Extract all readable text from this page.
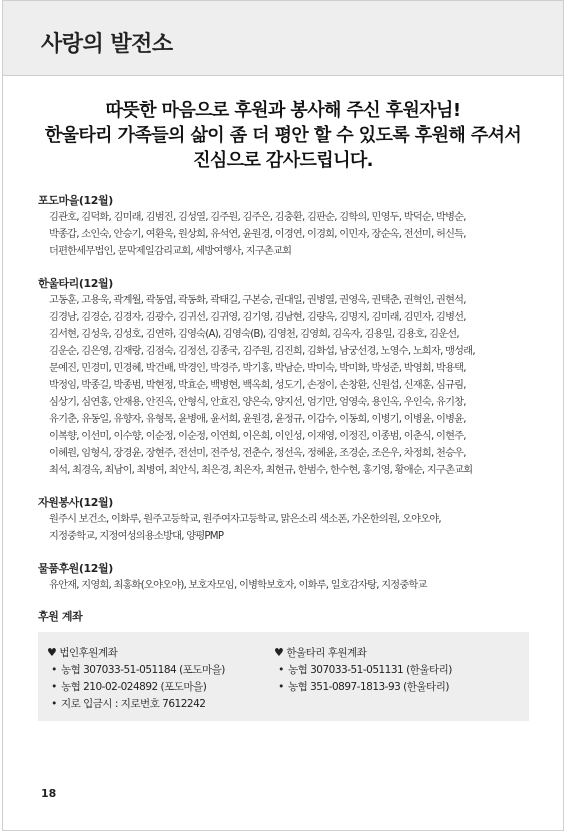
사랑의 발전소
따뜻한 마음으로 후원과 봉사해 주신 후원자님!
한울타리 가족들의 삶이 좀 더 평안 할 수 있도록 후원해 주셔서
진심으로 감사드립니다.
18
포도마을(12월)
김관호, 김덕화, 김미래, 김범진, 김성열, 김주원, 김주은, 김충환, 김판순, 김학의, 민영두, 박덕순, 박병순,
박종갑, 소인숙, 안승기, 여환욱, 원상희, 유석연, 윤원경, 이경연, 이경희, 이민자, 장순옥, 전선미, 허신득,
더편한세무법인, 문막제일감리교회, 세방여행사, 지구촌교회
한울타리(12월)
고동훈, 고용욱, 곽계월, 곽동엽, 곽동화, 곽태길, 구본승, 권대일, 권병열, 권영옥, 권택춘, 권혁인, 권현석,
김경남, 김경순, 김경자, 김광수, 김귀선, 김귀영, 김기영, 김남현, 김량옥, 김명지, 김미래, 김민자, 김병선,
김서현, 김성욱, 김성호, 김연하, 김영숙(A), 김영숙(B), 김영천, 김영희, 김옥자, 김용일, 김용호, 김운선,
김운순, 김은영, 김재랑, 김점숙, 김정선, 김종국, 김주원, 김진희, 김화섭, 남궁선경, 노영수, 노희자, 맹성래,
문예진, 민경미, 민경혜, 박건배, 박경인, 박경주, 박기홍, 박남순, 박미숙, 박미화, 박성준, 박영희, 박용택,
박정임, 박종길, 박종범, 박현정, 박효순, 백병현, 백옥희, 성도기, 손정이, 손창환, 신원섭, 신재훈, 심규림,
심상기, 심연홍, 안재용, 안진옥, 안형식, 안효진, 양은숙, 양지선, 엄기만, 엄영숙, 용인옥, 우인숙, 유기창,
유기춘, 유동일, 유향자, 유형목, 윤병애, 윤서희, 윤원경, 윤정규, 이갑수, 이동희, 이병기, 이병윤, 이병윤,
이복향, 이선미, 이수향, 이순정, 이순정, 이연희, 이은희, 이인성, 이재영, 이정진, 이종범, 이춘식, 이현주,
이혜원, 임형식, 장경윤, 장현주, 전선미, 전주성, 전춘수, 정선옥, 정혜윤, 조경순, 조은우, 차정희, 천승우,
최석, 최경옥, 최남이, 최병여, 최안식, 최은경, 최은자, 최현규, 한범수, 한수현, 홍기영, 황애순, 지구촌교회
자원봉사(12월)
원주시 보건소, 이화루, 원주고등학교, 원주여자고등학교, 맑은소리 색소폰, 가온한의원, 오야오야,
지정중학교, 지정여성의용소방대, 양평PMP
물품후원(12월)
유안재, 지영희, 최홍화(오야오야), 보호자모임, 이병학보호자, 이화루, 일호감자탕, 지정중학교
후원 계좌
♥ 법인후원계좌
• 농협 307033-51-051184 (포도마을)
• 농협 210-02-024892 (포도마을)
• 지로 입금시 : 지로번호 7612242
♥ 한울타리 후원계좌
• 농협 307033-51-051131 (한울타리)
• 농협 351-0897-1813-93 (한울타리)
